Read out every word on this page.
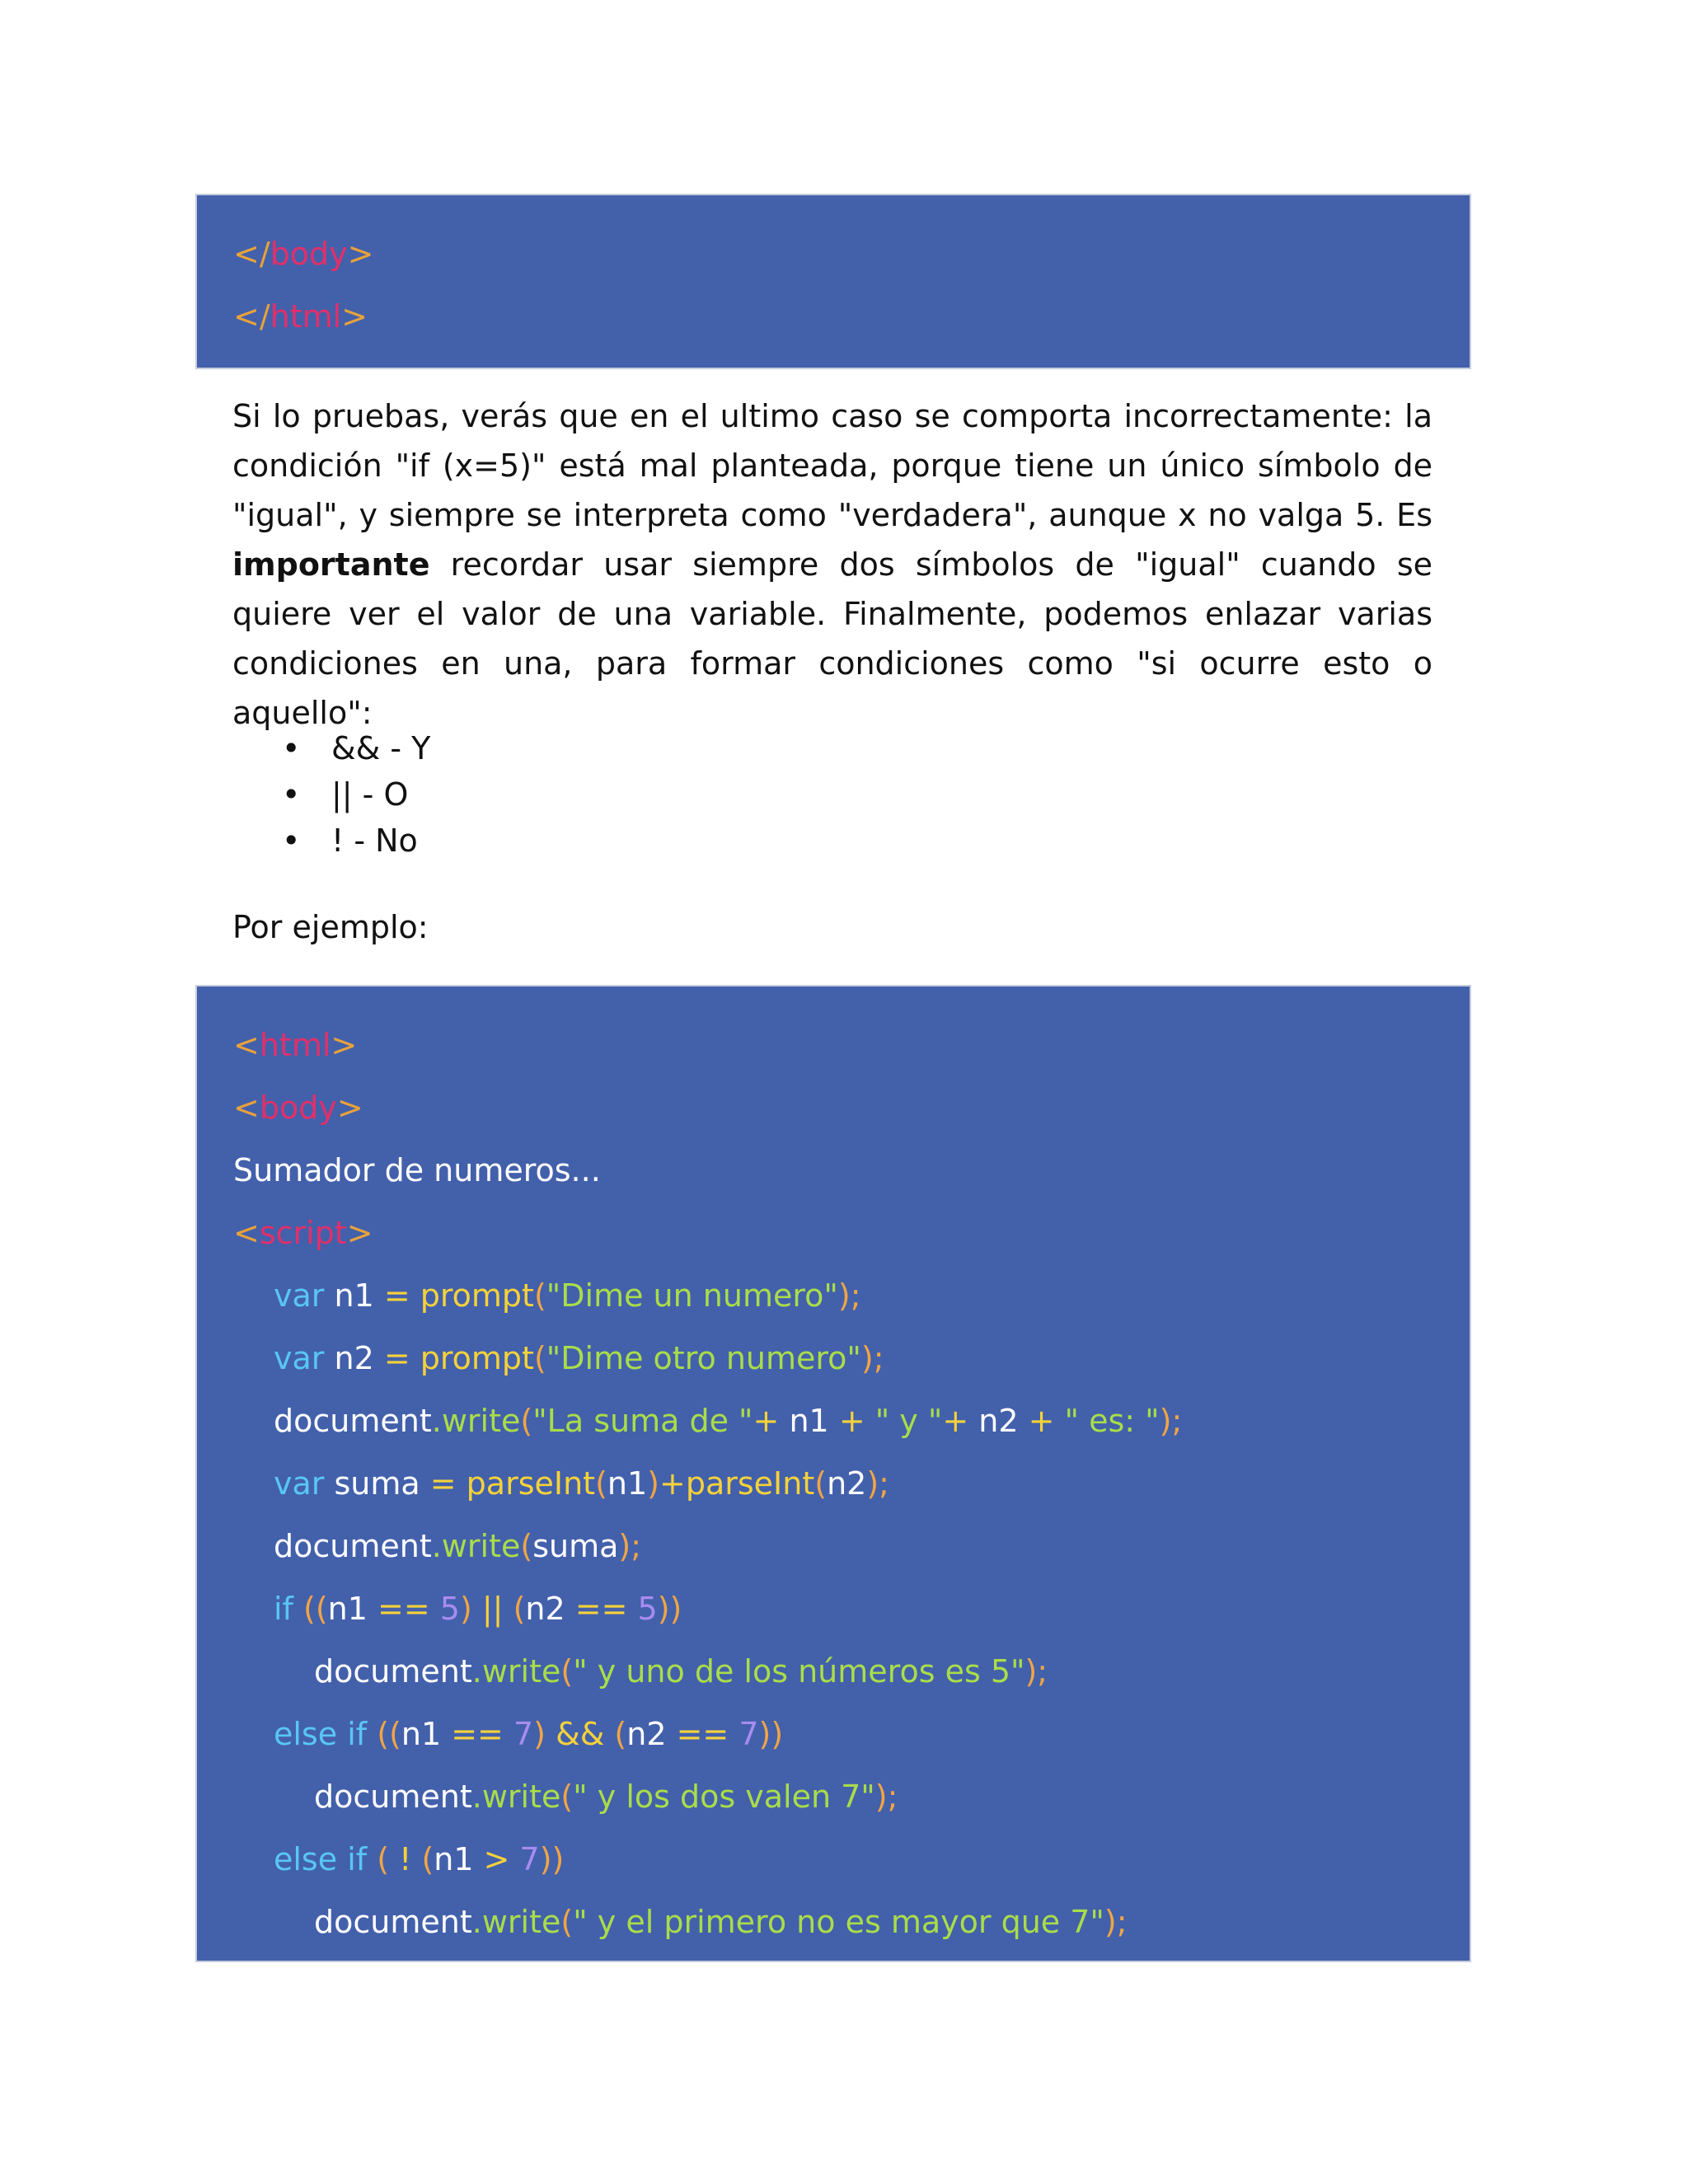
</body>
</html>
Si lo pruebas, verás que en el ultimo caso se comporta incorrectamente: la condición "if (x=5)" está mal planteada, porque tiene un único símbolo de "igual", y siempre se interpreta como "verdadera", aunque x no valga 5. Es importante recordar usar siempre dos símbolos de "igual" cuando se quiere ver el valor de una variable. Finalmente, podemos enlazar varias condiciones en una, para formar condiciones como "si ocurre esto o aquello":
• && - Y
• || - O
• ! - No
Por ejemplo:
<html>
<body>
Sumador de numeros...
<script>
var n1 = prompt("Dime un numero");
var n2 = prompt("Dime otro numero");
document.write("La suma de "+ n1 + " y "+ n2 + " es: ");
var suma = parseInt(n1)+parseInt(n2);
document.write(suma);
if ((n1 == 5) || (n2 == 5))
document.write(" y uno de los números es 5");
else if ((n1 == 7) && (n2 == 7))
document.write(" y los dos valen 7");
else if ( ! (n1 > 7))
document.write(" y el primero no es mayor que 7");
